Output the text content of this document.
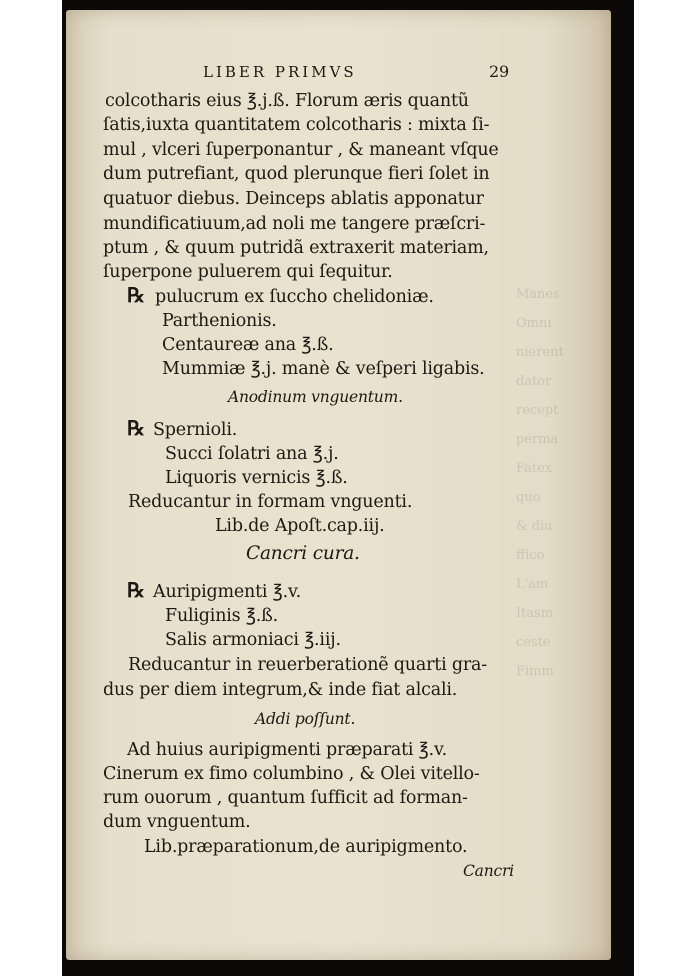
Manes
Omni
nierent
dator
recept
perma
Fatex
quo
& diu
ffico
L'am
Itasm
ceste
Fimm
LIBER PRIMVS	29
colcotharis eius ℥.j.ß. Florum æris quantũ
ſatis,iuxta quantitatem colcotharis : mixta ſi-
mul , vlceri ſuperponantur , & maneant vſque
dum putrefiant, quod plerunque fieri ſolet in
quatuor diebus. Deinceps ablatis apponatur
mundificatiuum,ad noli me tangere præſcri-
ptum , & quum putridã extraxerit materiam,
ſuperpone puluerem qui ſequitur.
℞ pulucrum ex ſuccho chelidoniæ.
Parthenionis.
Centaureæ ana ℥.ß.
Mummiæ ℥.j. manè & veſperi ligabis.
Anodinum vnguentum.
℞ Spernioli.
Succi ſolatri ana ℥.j.
Liquoris vernicis ℥.ß.
Reducantur in formam vnguenti.
Lib.de Apoſt.cap.iij.
Cancri cura.
℞ Auripigmenti ℥.v.
Fuliginis ℥.ß.
Salis armoniaci ℥.iij.
Reducantur in reuerberationẽ quarti gra-
dus per diem integrum,& inde fiat alcali.
Addi poſſunt.
Ad huius auripigmenti præparati ℥.v.
Cinerum ex fimo columbino , & Olei vitello-
rum ouorum , quantum ſufficit ad forman-
dum vnguentum.
Lib.præparationum,de auripigmento.
Cancri
